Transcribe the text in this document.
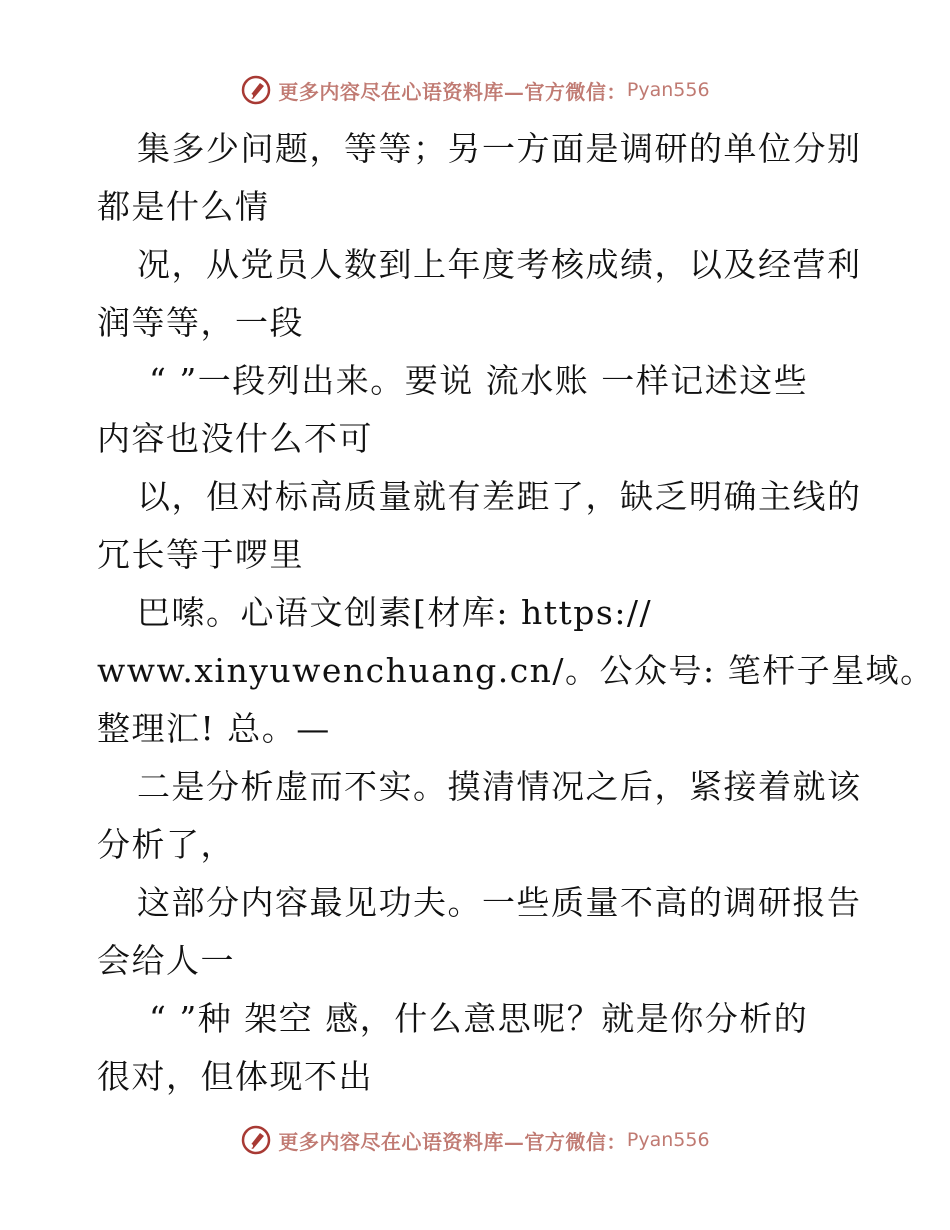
更多内容尽在心语资料库—官方微信： Pyan556
集多少问题，等等；另一方面是调研的单位分别
都是什么情
况，从党员人数到上年度考核成绩，以及经营利
润等等，一段
“ ”一段列出来。要说 流水账 一样记述这些
内容也没什么不可
以，但对标高质量就有差距了，缺乏明确主线的
冗长等于啰里
巴嗦。心语文创素[材库: https://
www.xinyuwenchuang.cn/。公众号: 笔杆子星域。
整理汇! 总。—
二是分析虚而不实。摸清情况之后，紧接着就该
分析了，
这部分内容最见功夫。一些质量不高的调研报告
会给人一
“ ”种 架空 感，什么意思呢？就是你分析的
很对，但体现不出
更多内容尽在心语资料库—官方微信： Pyan556
